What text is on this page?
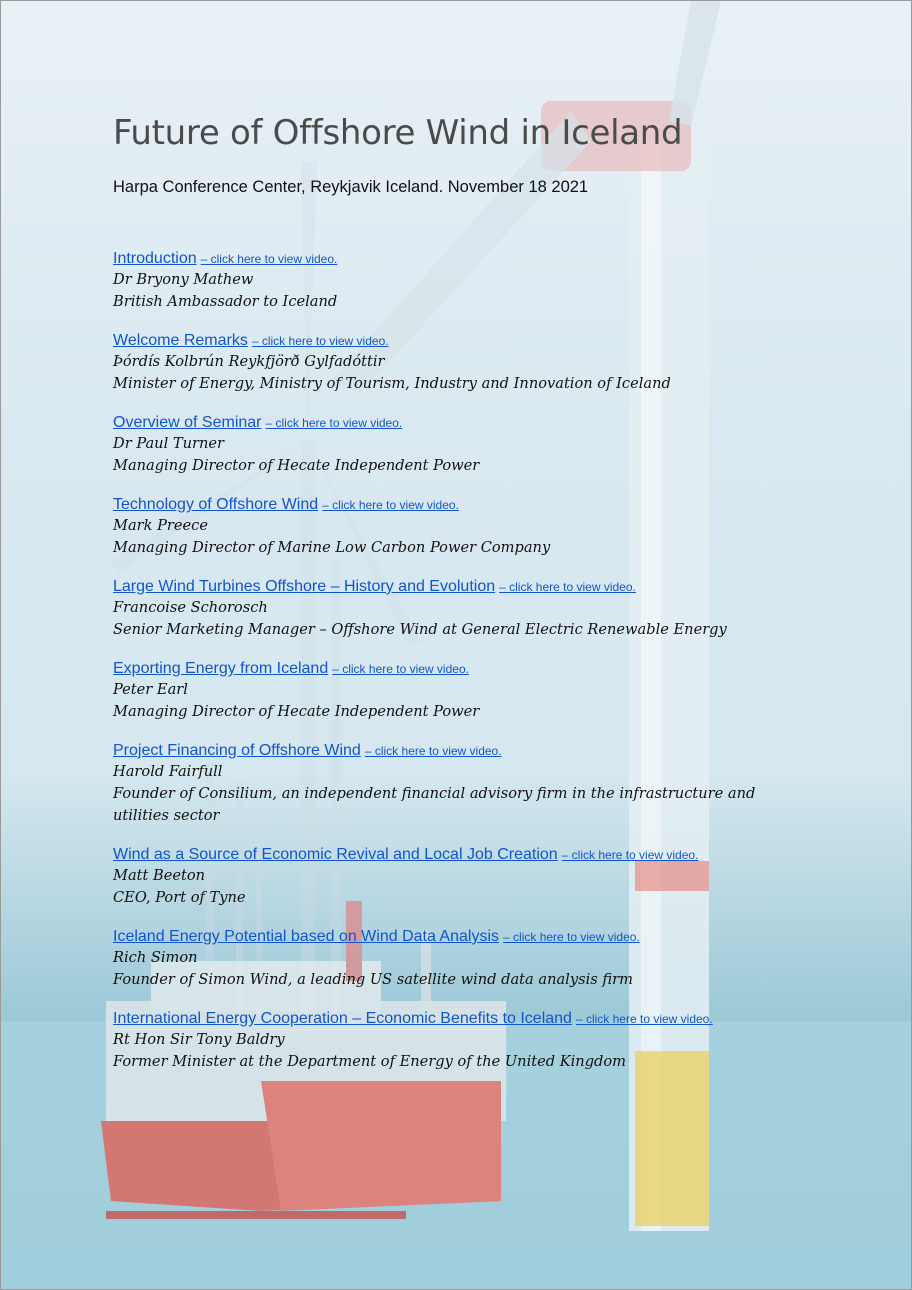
Future of Offshore Wind in Iceland
Harpa Conference Center, Reykjavik Iceland. November 18 2021
Introduction – click here to view video.
Dr Bryony Mathew
British Ambassador to Iceland
Welcome Remarks – click here to view video.
Þórdís Kolbrún Reykfjörð Gylfadóttir
Minister of Energy, Ministry of Tourism, Industry and Innovation of Iceland
Overview of Seminar – click here to view video.
Dr Paul Turner
Managing Director of Hecate Independent Power
Technology of Offshore Wind – click here to view video.
Mark Preece
Managing Director of Marine Low Carbon Power Company
Large Wind Turbines Offshore – History and Evolution – click here to view video.
Francoise Schorosch
Senior Marketing Manager – Offshore Wind at General Electric Renewable Energy
Exporting Energy from Iceland – click here to view video.
Peter Earl
Managing Director of Hecate Independent Power
Project Financing of Offshore Wind – click here to view video.
Harold Fairfull
Founder of Consilium, an independent financial advisory firm in the infrastructure and utilities sector
Wind as a Source of Economic Revival and Local Job Creation – click here to view video.
Matt Beeton
CEO, Port of Tyne
Iceland Energy Potential based on Wind Data Analysis – click here to view video.
Rich Simon
Founder of Simon Wind, a leading US satellite wind data analysis firm
International Energy Cooperation – Economic Benefits to Iceland – click here to view video.
Rt Hon Sir Tony Baldry
Former Minister at the Department of Energy of the United Kingdom
